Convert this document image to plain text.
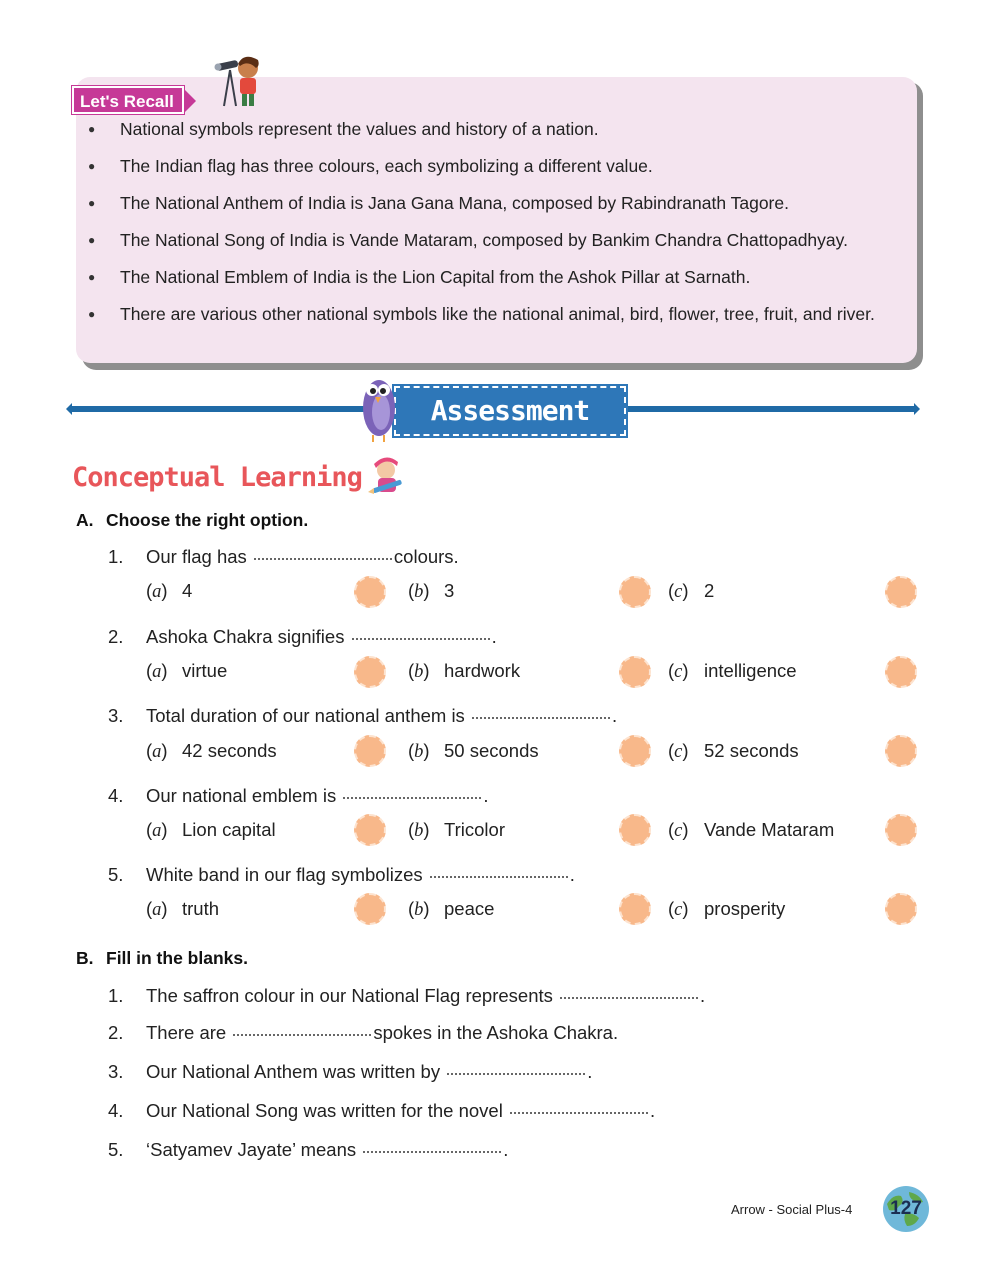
Let's Recall
● National symbols represent the values and history of a nation.
● The Indian flag has three colours, each symbolizing a different value.
● The National Anthem of India is Jana Gana Mana, composed by Rabindranath Tagore.
● The National Song of India is Vande Mataram, composed by Bankim Chandra Chattopadhyay.
● The National Emblem of India is the Lion Capital from the Ashok Pillar at Sarnath.
● There are various other national symbols like the national animal, bird, flower, tree, fruit, and river.
Assessment
Conceptual Learning
A. Choose the right option.
1. Our flag has	colours.
(a) 4	(b) 3	(c) 2
2. Ashoka Chakra signifies	.
(a) virtue	(b) hardwork	(c) intelligence
3. Total duration of our national anthem is	.
(a) 42 seconds	(b) 50 seconds	(c) 52 seconds
4. Our national emblem is	.
(a) Lion capital	(b) Tricolor	(c) Vande Mataram
5. White band in our flag symbolizes	.
(a) truth	(b) peace	(c) prosperity
B. Fill in the blanks.
1. The saffron colour in our National Flag represents	.
2. There are	spokes in the Ashoka Chakra.
3. Our National Anthem was written by	.
4. Our National Song was written for the novel	.
5. ‘Satyamev Jayate’ means	.
Arrow - Social Plus-4	127
